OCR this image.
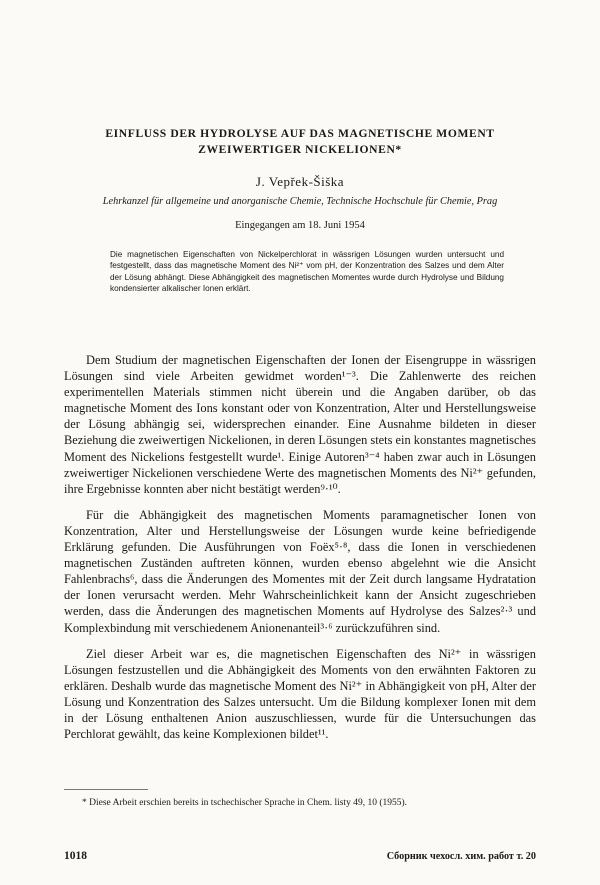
EINFLUSS DER HYDROLYSE AUF DAS MAGNETISCHE MOMENT
ZWEIWERTIGER NICKELIONEN*
J. Vepřek-Šiška
Lehrkanzel für allgemeine und anorganische Chemie, Technische Hochschule für Chemie, Prag
Eingegangen am 18. Juni 1954
Die magnetischen Eigenschaften von Nickelperchlorat in wässrigen Lösungen wurden untersucht und festgestellt, dass das magnetische Moment des Ni²⁺ vom pH, der Konzentration des Salzes und dem Alter der Lösung abhängt. Diese Abhängigkeit des magnetischen Momentes wurde durch Hydrolyse und Bildung kondensierter alkalischer Ionen erklärt.

Dem Studium der magnetischen Eigenschaften der Ionen der Eisengruppe in wässrigen Lösungen sind viele Arbeiten gewidmet worden¹⁻³. Die Zahlenwerte des reichen experimentellen Materials stimmen nicht überein und die Angaben darüber, ob das magnetische Moment des Ions konstant oder von Konzentration, Alter und Herstellungsweise der Lösung abhängig sei, widersprechen einander. Eine Ausnahme bildeten in dieser Beziehung die zweiwertigen Nickelionen, in deren Lösungen stets ein konstantes magnetisches Moment des Nickelions festgestellt wurde¹. Einige Autoren³⁻⁴ haben zwar auch in Lösungen zweiwertiger Nickelionen verschiedene Werte des magnetischen Moments des Ni²⁺ gefunden, ihre Ergebnisse konnten aber nicht bestätigt werden⁹·¹⁰.

Für die Abhängigkeit des magnetischen Moments paramagnetischer Ionen von Konzentration, Alter und Herstellungsweise der Lösungen wurde keine befriedigende Erklärung gefunden. Die Ausführungen von Foëx⁵·⁸, dass die Ionen in verschiedenen magnetischen Zuständen auftreten können, wurden ebenso abgelehnt wie die Ansicht Fahlenbrachs⁶, dass die Änderungen des Momentes mit der Zeit durch langsame Hydratation der Ionen verursacht werden. Mehr Wahrscheinlichkeit kann der Ansicht zugeschrieben werden, dass die Änderungen des magnetischen Moments auf Hydrolyse des Salzes²·³ und Komplexbindung mit verschiedenem Anionenanteil³·⁶ zurückzuführen sind.

Ziel dieser Arbeit war es, die magnetischen Eigenschaften des Ni²⁺ in wässrigen Lösungen festzustellen und die Abhängigkeit des Moments von den erwähnten Faktoren zu erklären. Deshalb wurde das magnetische Moment des Ni²⁺ in Abhängigkeit von pH, Alter der Lösung und Konzentration des Salzes untersucht. Um die Bildung komplexer Ionen mit dem in der Lösung enthaltenen Anion auszuschliessen, wurde für die Untersuchungen das Perchlorat gewählt, das keine Komplexionen bildet¹¹.

* Diese Arbeit erschien bereits in tschechischer Sprache in Chem. listy 49, 10 (1955).
1018	Сборник чехосл. хим. работ т. 20
